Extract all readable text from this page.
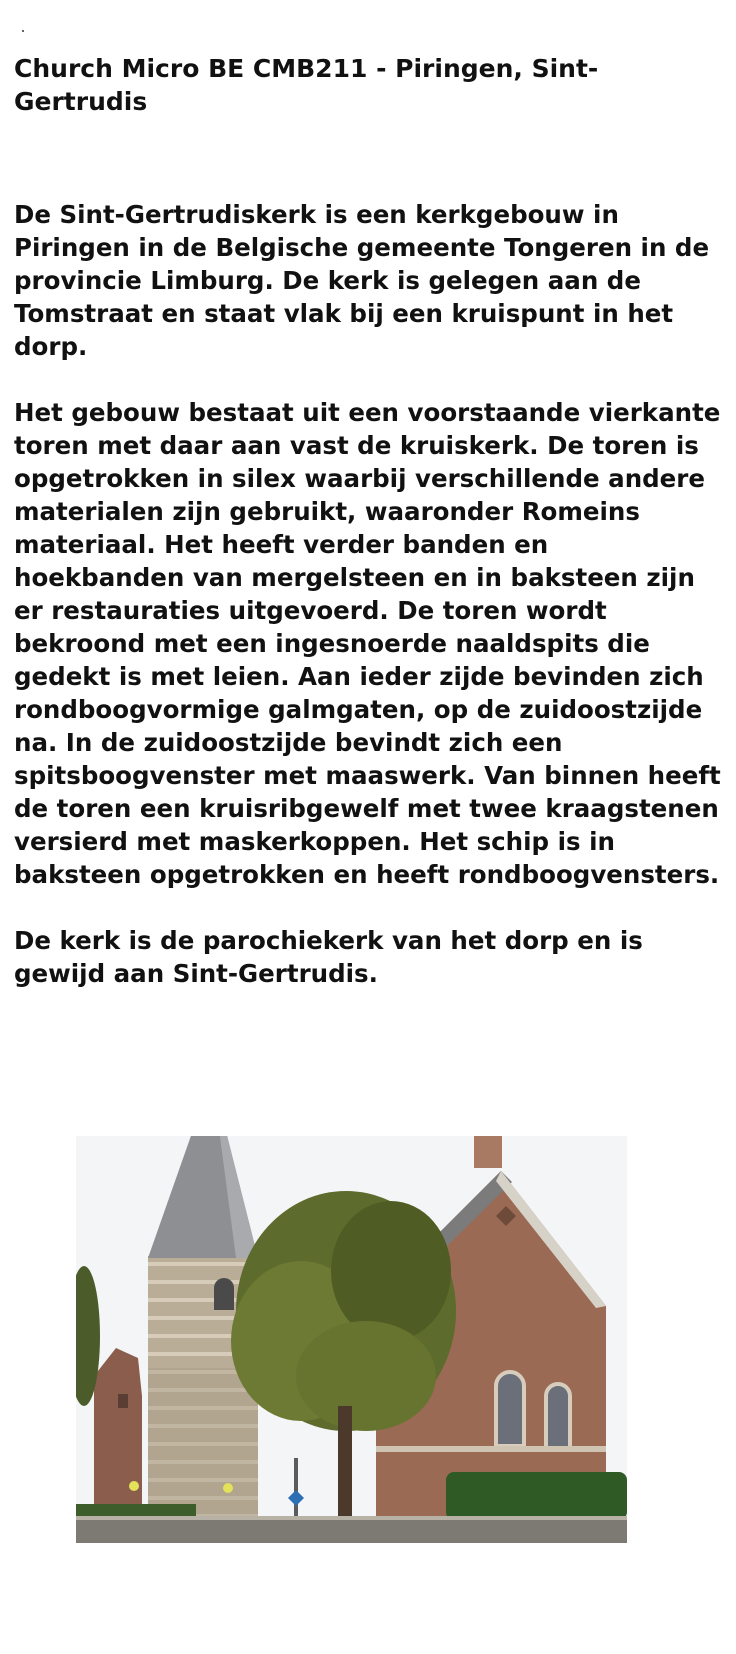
Church Micro BE CMB211 - Piringen, Sint-Gertrudis

De Sint-Gertrudiskerk is een kerkgebouw in Piringen in de Belgische gemeente Tongeren in de provincie Limburg. De kerk is gelegen aan de Tomstraat en staat vlak bij een kruispunt in het dorp.

Het gebouw bestaat uit een voorstaande vierkante toren met daar aan vast de kruiskerk. De toren is opgetrokken in silex waarbij verschillende andere materialen zijn gebruikt, waaronder Romeins materiaal. Het heeft verder banden en hoekbanden van mergelsteen en in baksteen zijn er restauraties uitgevoerd. De toren wordt bekroond met een ingesnoerde naaldspits die gedekt is met leien. Aan ieder zijde bevinden zich rondboogvormige galmgaten, op de zuidoostzijde na. In de zuidoostzijde bevindt zich een spitsboogvenster met maaswerk. Van binnen heeft de toren een kruisribgewelf met twee kraagstenen versierd met maskerkoppen. Het schip is in baksteen opgetrokken en heeft rondboogvensters.

De kerk is de parochiekerk van het dorp en is gewijd aan Sint-Gertrudis.
